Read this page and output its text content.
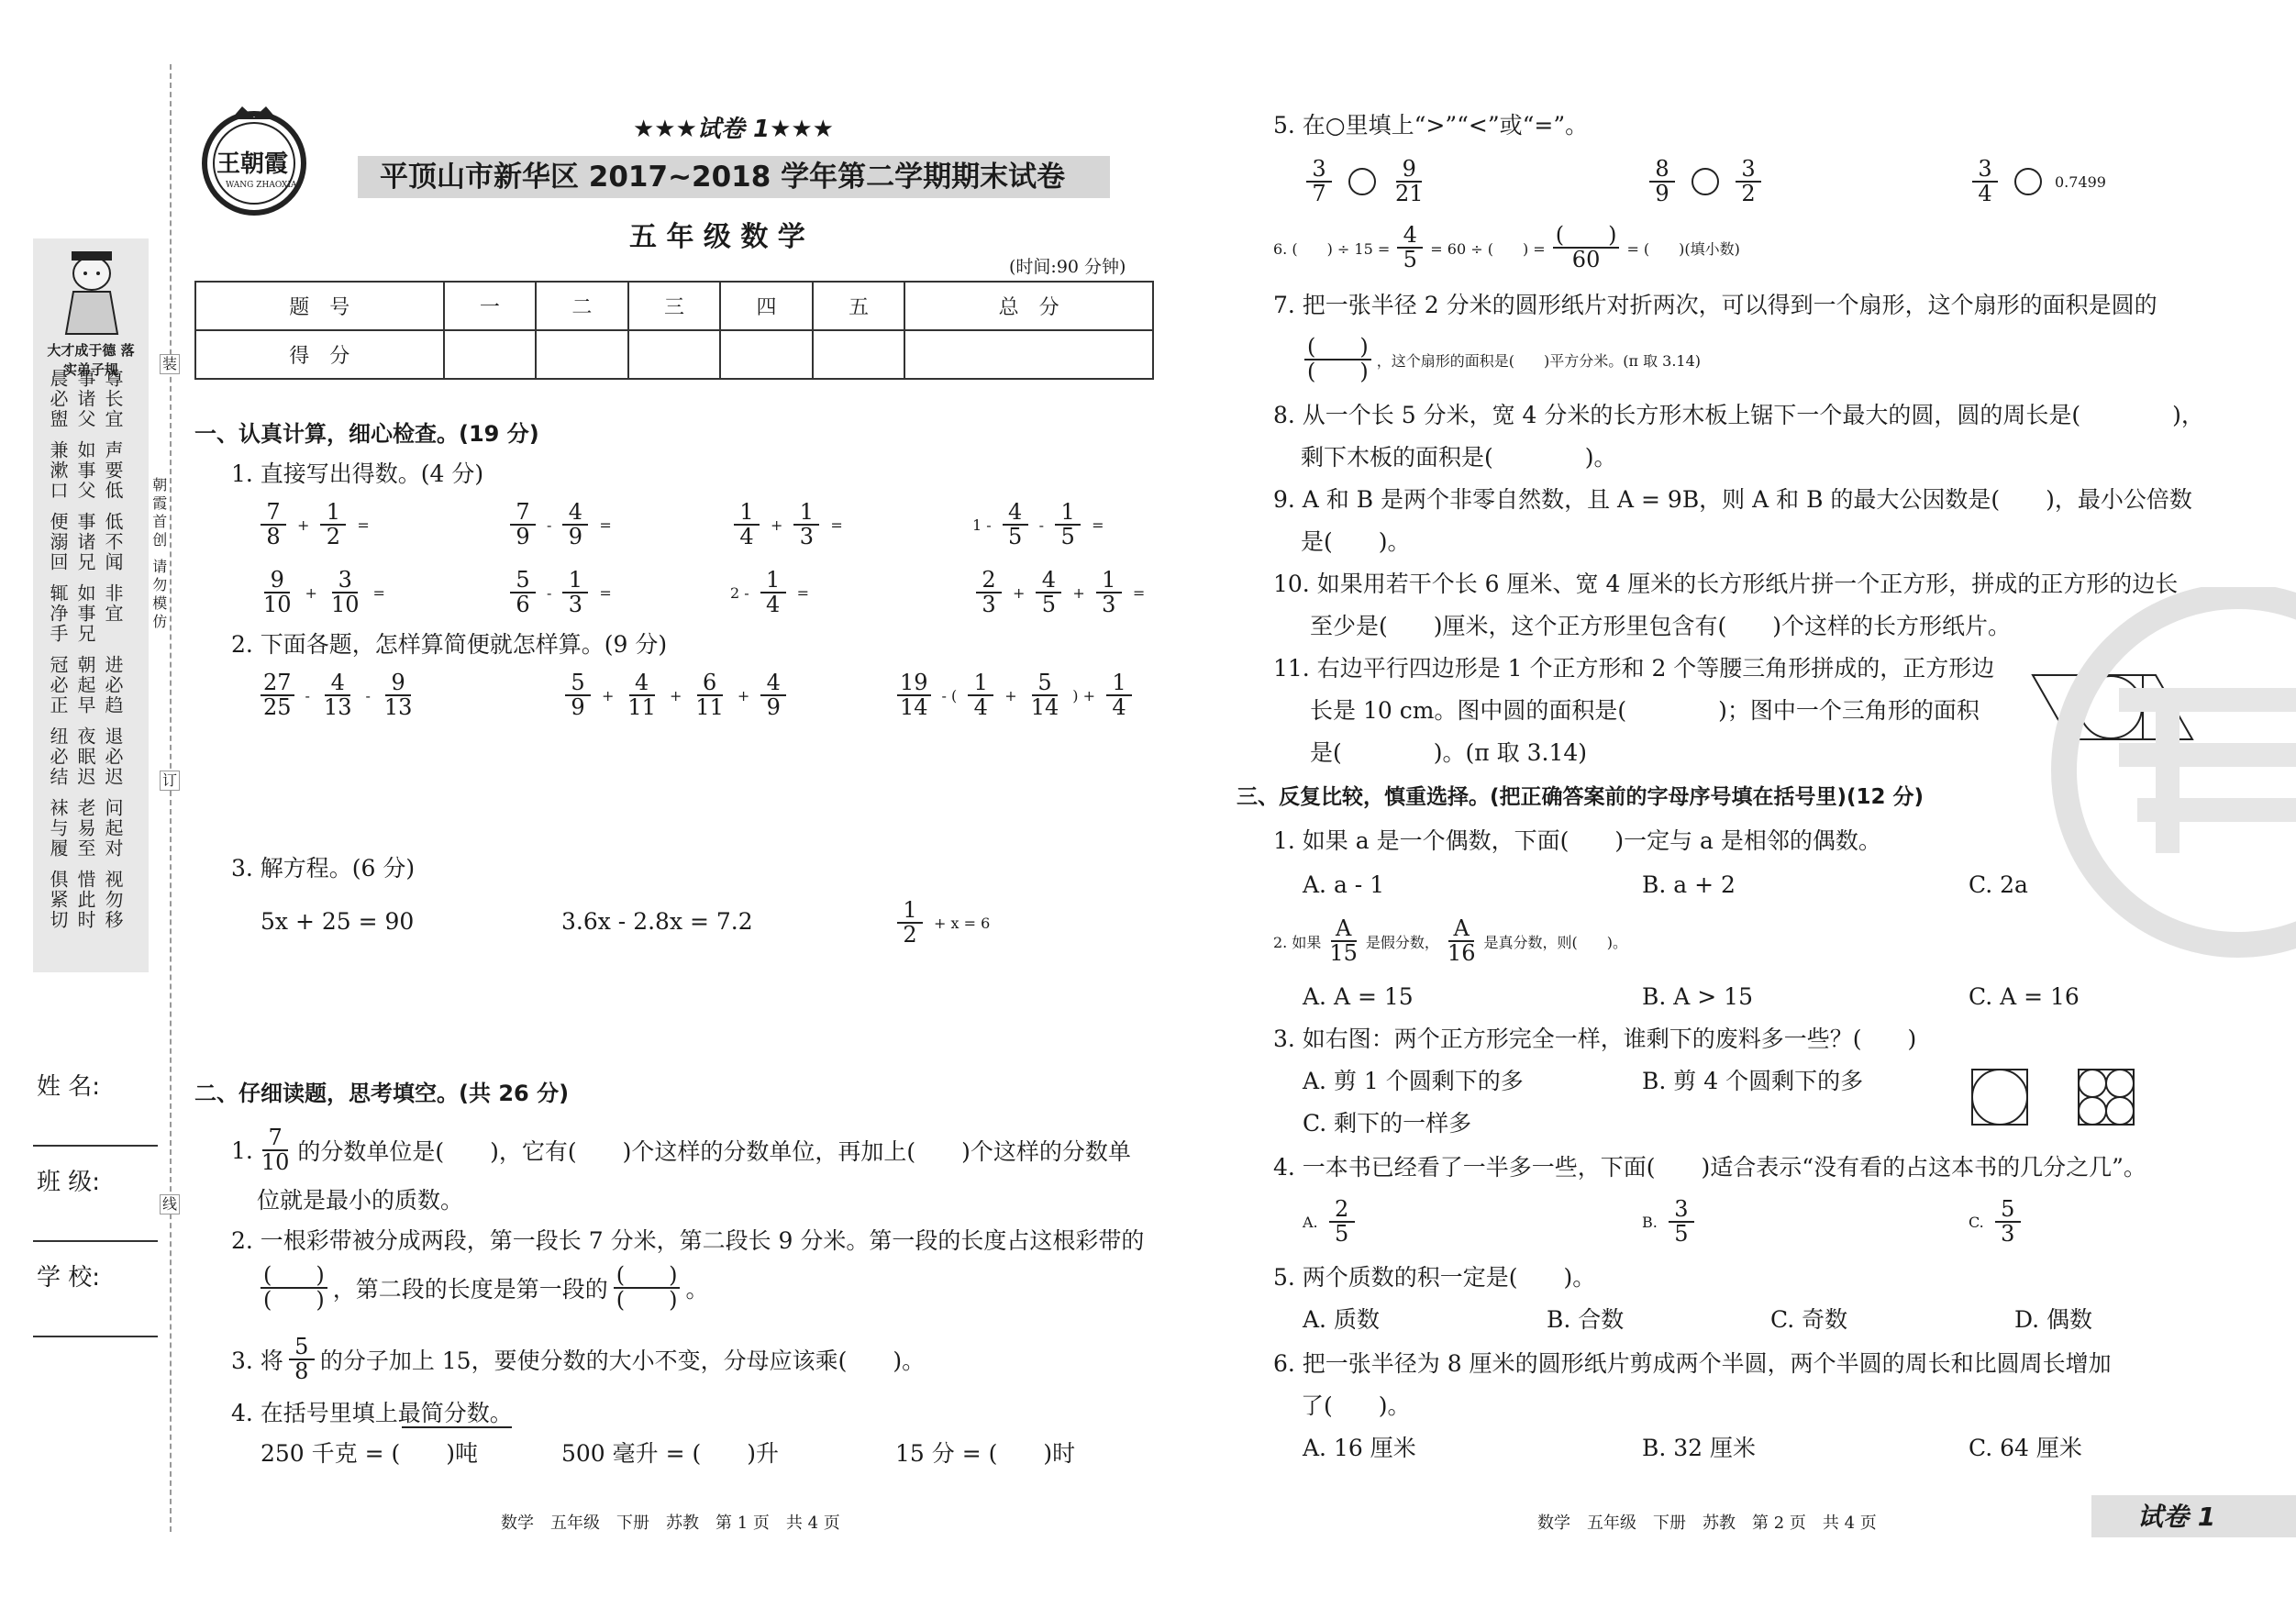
大才成于德 落实弟子规
晨必盥 事诸父 尊长宜
兼漱口 如事父 声要低
便溺回 事诸兄 低不闻
辄净手 如事兄 非宜
冠必正 朝起早 进必趋
纽必结 夜眠迟 退必迟
袜与履 老易至 问起对
俱紧切 惜此时 视勿移
朝霞首创 请勿模仿
装
订
线
姓 名:
班 级:
学 校:
王朝霞
WANG ZHAOXIA
★★★试卷 1★★★
平顶山市新华区 2017~2018 学年第二学期期末试卷
五 年 级 数 学
(时间:90 分钟)
题　号	一	二	三	四	五	总　分
得　分						
一、认真计算，细心检查。(19 分)
1. 直接写出得数。(4 分)
$\frac{7}{8} + \frac{1}{2}$ =	$\frac{7}{9} - \frac{4}{9}$ =	$\frac{1}{4} + \frac{1}{3}$ =	$1 - \frac{4}{5} - \frac{1}{5}$ =
$\frac{9}{10} + \frac{3}{10}$ =	$\frac{5}{6} - \frac{1}{3}$ =	$2 - \frac{1}{4}$ =	$\frac{2}{3} + \frac{4}{5} + \frac{1}{3}$ =
2. 下面各题，怎样算简便就怎样算。(9 分)
$\frac{27}{25} - \frac{4}{13} - \frac{9}{13}$	$\frac{5}{9} + \frac{4}{11} + \frac{6}{11} + \frac{4}{9}$	$\frac{19}{14}$ - ( $\frac{1}{4} + \frac{5}{14}$ ) + $\frac{1}{4}$
3. 解方程。(6 分)
5x + 25 = 90	3.6x - 2.8x = 7.2	$\frac{1}{2} + x = 6$
二、仔细读题，思考填空。(共 26 分)
1. $\frac{7}{10}$ 的分数单位是(　　)，它有(　　)个这样的分数单位，再加上(　　)个这样的分数单
位就是最小的质数。
2. 一根彩带被分成两段，第一段长 7 分米，第二段长 9 分米。第一段的长度占这根彩带的
$\frac{( )}{( )}$ ，第二段的长度是第一段的 $\frac{( )}{( )}$ 。
3. 将 $\frac{5}{8}$ 的分子加上 15，要使分数的大小不变，分母应该乘(　　)。
4. 在括号里填上最简分数。
250 千克 = (　　)吨	500 毫升 = (　　)升	15 分 = (　　)时
数学　五年级　下册　苏教　第 1 页　共 4 页
5. 在○里填上“>”“<”或“=”。
$\frac{3}{7}$	$\frac{9}{21}$	$\frac{8}{9}$	$\frac{3}{2}$	$\frac{3}{4}$	0.7499
6. (　　) ÷ $15 = \frac{4}{5} = 60$ ÷ (　　) = $\frac{( )}{60}$ = (　　)(填小数)
7. 把一张半径 2 分米的圆形纸片对折两次，可以得到一个扇形，这个扇形的面积是圆的
$\frac{( )}{( )}$ ，这个扇形的面积是(　　)平方分米。(π 取 3.14)
8. 从一个长 5 分米，宽 4 分米的长方形木板上锯下一个最大的圆，圆的周长是(　　　　)，
剩下木板的面积是(　　　　)。
9. A 和 B 是两个非零自然数，且 A = 9B，则 A 和 B 的最大公因数是(　　)，最小公倍数
是(　　)。
10. 如果用若干个长 6 厘米、宽 4 厘米的长方形纸片拼一个正方形，拼成的正方形的边长
至少是(　　)厘米，这个正方形里包含有(　　)个这样的长方形纸片。
11. 右边平行四边形是 1 个正方形和 2 个等腰三角形拼成的，正方形边
长是 10 cm。图中圆的面积是(　　　　)；图中一个三角形的面积
是(　　　　)。(π 取 3.14)
三、反复比较，慎重选择。(把正确答案前的字母序号填在括号里)(12 分)
1. 如果 a 是一个偶数，下面(　　)一定与 a 是相邻的偶数。
A. a - 1	B. a + 2	C. 2a
2. 如果 $\frac{A}{15}$ 是假分数， $\frac{A}{16}$ 是真分数，则(　　)。
A. A = 15	B. A > 15	C. A = 16
3. 如右图：两个正方形完全一样，谁剩下的废料多一些？(　　)
A. 剪 1 个圆剩下的多	B. 剪 4 个圆剩下的多
C. 剩下的一样多
4. 一本书已经看了一半多一些，下面(　　)适合表示“没有看的占这本书的几分之几”。
A. $\frac{2}{5}$	B. $\frac{3}{5}$	C. $\frac{5}{3}$
5. 两个质数的积一定是(　　)。
A. 质数	B. 合数	C. 奇数	D. 偶数
6. 把一张半径为 8 厘米的圆形纸片剪成两个半圆，两个半圆的周长和比圆周长增加
了(　　)。
A. 16 厘米	B. 32 厘米	C. 64 厘米
数学　五年级　下册　苏教　第 2 页　共 4 页	试卷 1
